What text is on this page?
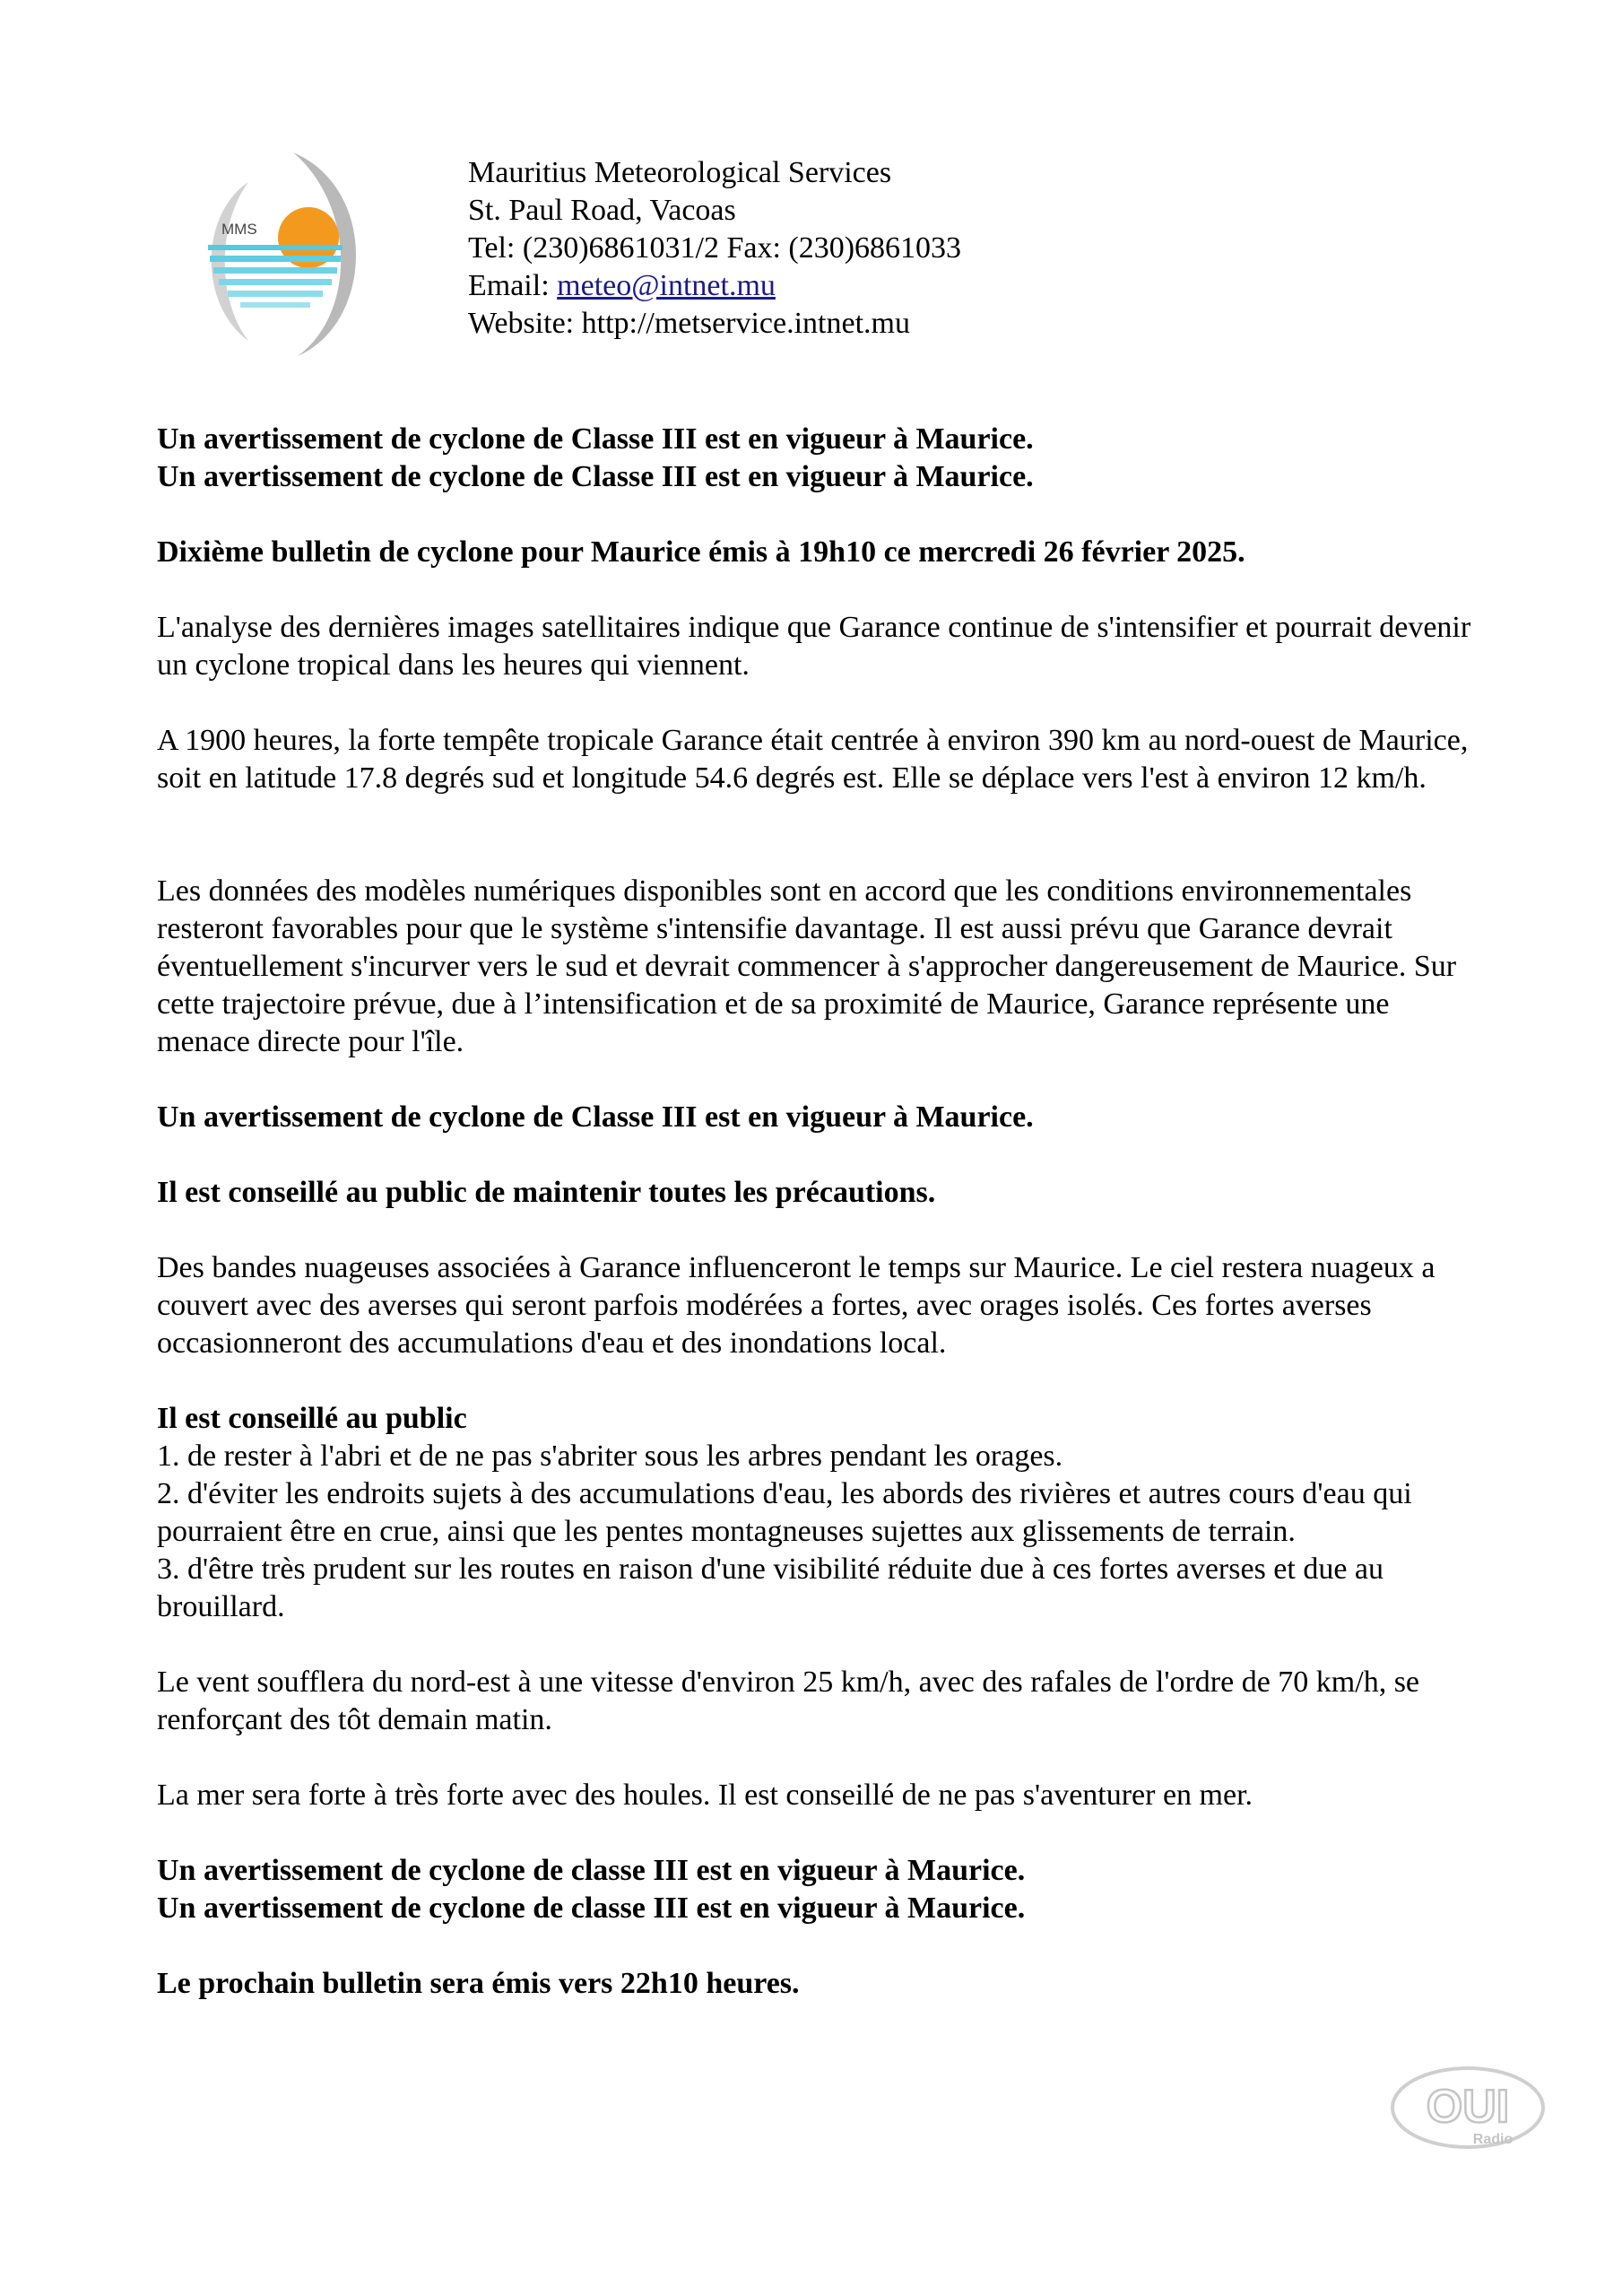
MMS
Mauritius Meteorological Services
St. Paul Road, Vacoas
Tel: (230)6861031/2 Fax: (230)6861033
Email: meteo@intnet.mu
Website: http://metservice.intnet.mu

Un avertissement de cyclone de Classe III est en vigueur à Maurice.

Un avertissement de cyclone de Classe III est en vigueur à Maurice.

Dixième bulletin de cyclone pour Maurice émis à 19h10 ce mercredi 26 février 2025.

L'analyse des dernières images satellitaires indique que Garance continue de s'intensifier et pourrait devenir un cyclone tropical dans les heures qui viennent.

A 1900 heures, la forte tempête tropicale Garance était centrée à environ 390 km au nord-ouest de Maurice, soit en latitude 17.8 degrés sud et longitude 54.6 degrés est. Elle se déplace vers l'est à environ 12 km/h.

Les données des modèles numériques disponibles sont en accord que les conditions environnementales resteront favorables pour que le système s'intensifie davantage. Il est aussi prévu que Garance devrait éventuellement s'incurver vers le sud et devrait commencer à s'approcher dangereusement de Maurice. Sur cette trajectoire prévue, due à l’intensification et de sa proximité de Maurice, Garance représente une menace directe pour l'île.

Un avertissement de cyclone de Classe III est en vigueur à Maurice.

Il est conseillé au public de maintenir toutes les précautions.

Des bandes nuageuses associées à Garance influenceront le temps sur Maurice. Le ciel restera nuageux a couvert avec des averses qui seront parfois modérées a fortes, avec orages isolés. Ces fortes averses occasionneront des accumulations d'eau et des inondations local.

Il est conseillé au public

1. de rester à l'abri et de ne pas s'abriter sous les arbres pendant les orages.

2. d'éviter les endroits sujets à des accumulations d'eau, les abords des rivières et autres cours d'eau qui pourraient être en crue, ainsi que les pentes montagneuses sujettes aux glissements de terrain.

3. d'être très prudent sur les routes en raison d'une visibilité réduite due à ces fortes averses et due au brouillard.

Le vent soufflera du nord-est à une vitesse d'environ 25 km/h, avec des rafales de l'ordre de 70 km/h, se renforçant des tôt demain matin.

La mer sera forte à très forte avec des houles. Il est conseillé de ne pas s'aventurer en mer.

Un avertissement de cyclone de classe III est en vigueur à Maurice.

Un avertissement de cyclone de classe III est en vigueur à Maurice.

Le prochain bulletin sera émis vers 22h10 heures.

OUI
Radio
